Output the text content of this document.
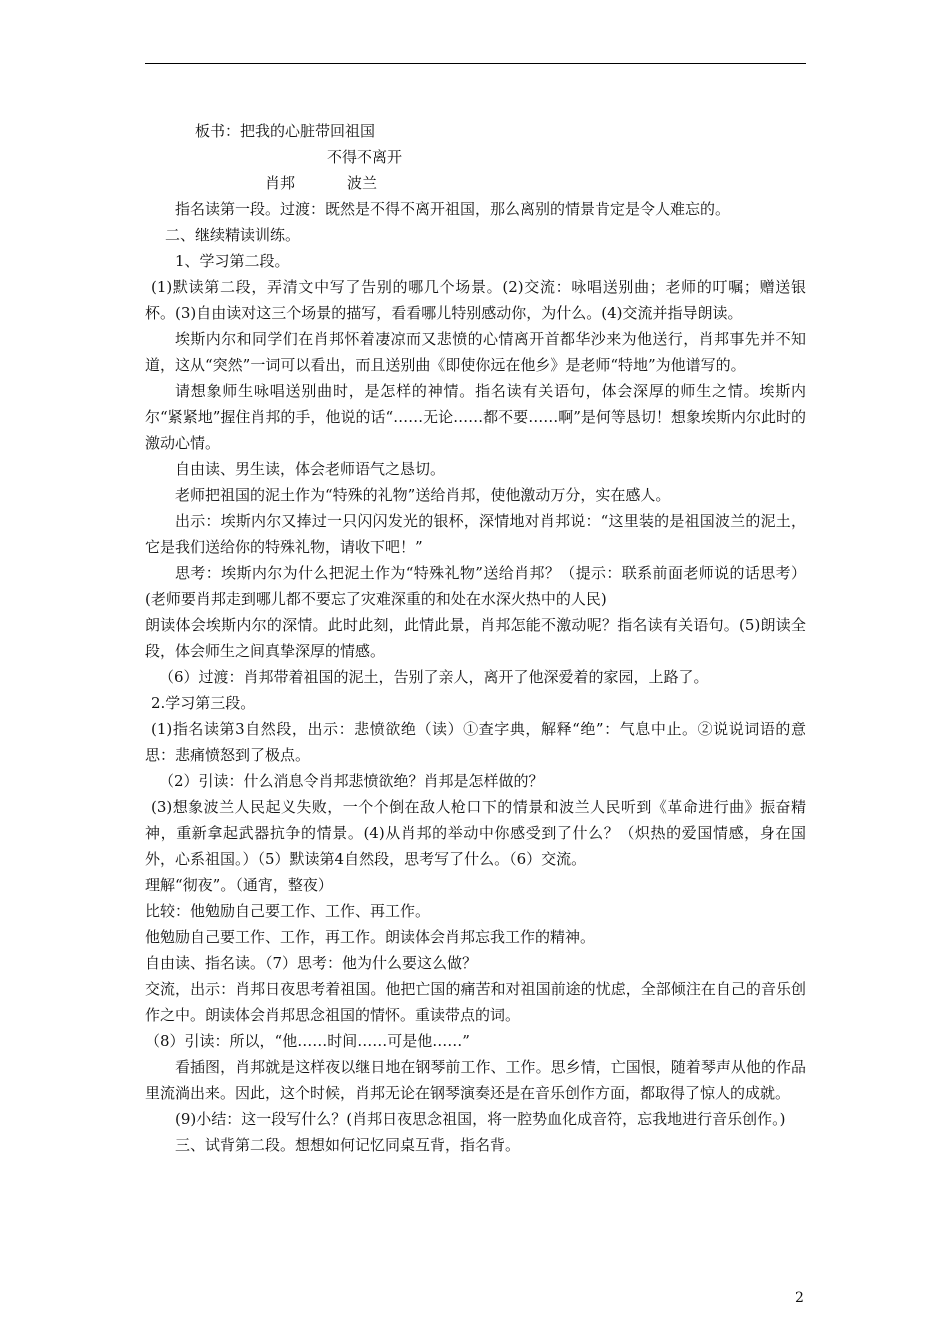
板书：把我的心脏带回祖国

不得不离开

肖邦	波兰

指名读第一段。过渡：既然是不得不离开祖国，那么离别的情景肯定是令人难忘的。

二、继续精读训练。

1、学习第二段。

(1)默读第二段，弄清文中写了告别的哪几个场景。(2)交流：咏唱送别曲；老师的叮嘱；赠送银杯。(3)自由读对这三个场景的描写，看看哪儿特别感动你，为什么。(4)交流并指导朗读。

埃斯内尔和同学们在肖邦怀着凄凉而又悲愤的心情离开首都华沙来为他送行，肖邦事先并不知道，这从“突然”一词可以看出，而且送别曲《即使你远在他乡》是老师“特地”为他谱写的。

请想象师生咏唱送别曲时，是怎样的神情。指名读有关语句，体会深厚的师生之情。埃斯内尔“紧紧地”握住肖邦的手，他说的话“……无论……都不要……啊”是何等恳切！想象埃斯内尔此时的激动心情。

自由读、男生读，体会老师语气之恳切。

老师把祖国的泥土作为“特殊的礼物”送给肖邦，使他激动万分，实在感人。

出示：埃斯内尔又捧过一只闪闪发光的银杯，深情地对肖邦说：“这里装的是祖国波兰的泥土，它是我们送给你的特殊礼物，请收下吧！”

思考：埃斯内尔为什么把泥土作为“特殊礼物”送给肖邦？（提示：联系前面老师说的话思考）(老师要肖邦走到哪儿都不要忘了灾难深重的和处在水深火热中的人民)

朗读体会埃斯内尔的深情。此时此刻，此情此景，肖邦怎能不激动呢？指名读有关语句。(5)朗读全段，体会师生之间真挚深厚的情感。

（6）过渡：肖邦带着祖国的泥土，告别了亲人，离开了他深爱着的家园，上路了。

2.学习第三段。

(1)指名读第3自然段，出示：悲愤欲绝（读）①查字典，解释“绝”：气息中止。②说说词语的意思：悲痛愤怒到了极点。

（2）引读：什么消息令肖邦悲愤欲绝？肖邦是怎样做的？

(3)想象波兰人民起义失败，一个个倒在敌人枪口下的情景和波兰人民听到《革命进行曲》振奋精神，重新拿起武器抗争的情景。(4)从肖邦的举动中你感受到了什么？（炽热的爱国情感，身在国外，心系祖国。）（5）默读第4自然段，思考写了什么。（6）交流。

理解“彻夜”。（通宵，整夜）

比较：他勉励自己要工作、工作、再工作。

他勉励自己要工作、工作，再工作。朗读体会肖邦忘我工作的精神。

自由读、指名读。（7）思考：他为什么要这么做？

交流，出示：肖邦日夜思考着祖国。他把亡国的痛苦和对祖国前途的忧虑，全部倾注在自己的音乐创作之中。朗读体会肖邦思念祖国的情怀。重读带点的词。

（8）引读：所以，“他……时间……可是他……”

看插图，肖邦就是这样夜以继日地在钢琴前工作、工作。思乡情，亡国恨，随着琴声从他的作品里流淌出来。因此，这个时候，肖邦无论在钢琴演奏还是在音乐创作方面，都取得了惊人的成就。

(9)小结：这一段写什么？(肖邦日夜思念祖国，将一腔势血化成音符，忘我地进行音乐创作。)

三、试背第二段。想想如何记忆同桌互背，指名背。

2
